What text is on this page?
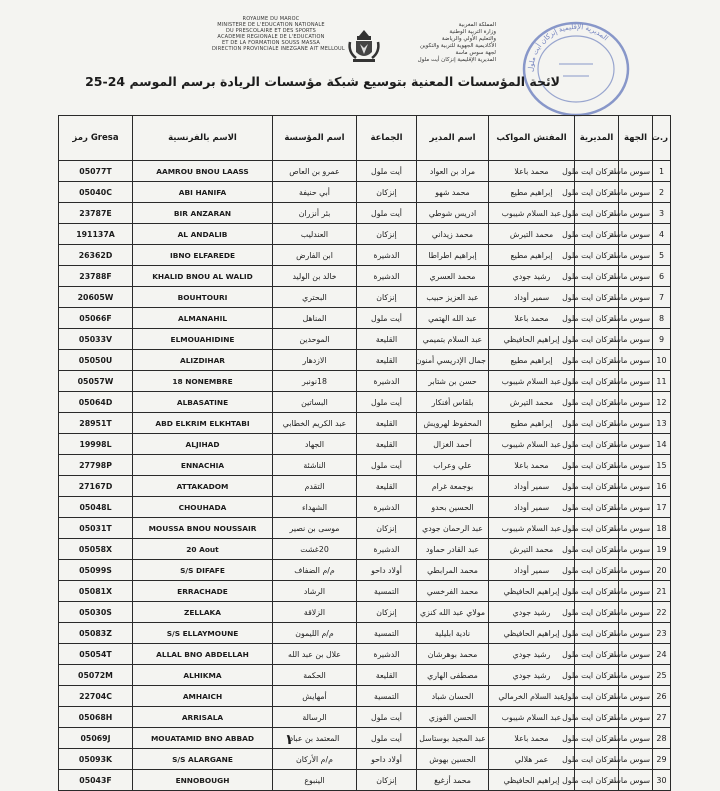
ROYAUME DU MAROC
MINISTERE DE L'EDUCATION NATIONALE
DU PRESCOLAIRE ET DES SPORTS
ACADEMIE REGIONALE DE L'EDUCATION
ET DE LA FORMATION SOUSS MASSA
DIRECTION PROVINCIALE INEZGANE AIT MELLOUL
المملكة المغربية
وزارة التربية الوطنية
والتعليم الأولي والرياضة
الأكاديمية الجهوية للتربية والتكوين
لجهة سوس ماسة
المديرية الإقليمية إنزكان أيت ملول
المديرية الإقليمية إنزكان أيت ملول
لائحة المؤسسات المعنية بتوسيع شبكة مؤسسات الريادة برسم الموسم 24-25
رمز Gresa	الاسم بالفرنسية	اسم المؤسسة	الجماعة	اسم المدير	المفتش المواكب	المديرية	الجهة	ر.ت
05077T	AAMROU BNOU LAASS	عمرو بن العاص	أيت ملول	مراد بن العواد	محمد باعلا	انزكان ايت ملول	سوس ماسة	1
05040C	ABI HANIFA	أبي حنيفة	إنزكان	محمد شهو	إبراهيم مطيع	انزكان ايت ملول	سوس ماسة	2
23787E	BIR ANZARAN	بئر أنزران	أيت ملول	ادريس شوطي	عبد السلام شيبوب	انزكان ايت ملول	سوس ماسة	3
191137A	AL ANDALIB	العندليب	إنزكان	محمد زيداني	محمد التيرش	انزكان ايت ملول	سوس ماسة	4
26362D	IBNO ELFAREDE	ابن الفارض	الدشيرة	إبراهيم اطراطا	إبراهيم مطيع	انزكان ايت ملول	سوس ماسة	5
23788F	KHALID BNOU AL WALID	خالد بن الوليد	الدشيرة	محمد العسري	رشيد جودي	انزكان ايت ملول	سوس ماسة	6
20605W	BOUHTOURI	البحتري	إنزكان	عبد العزيز حبيب	سمير أوداد	انزكان ايت ملول	سوس ماسة	7
05066F	ALMANAHIL	المناهل	أيت ملول	عبد الله الهتمي	محمد باعلا	انزكان ايت ملول	سوس ماسة	8
05033V	ELMOUAHIDINE	الموحدين	القليعة	عبد السلام بتميمي	إبراهيم الحافيظي	انزكان ايت ملول	سوس ماسة	9
05050U	ALIZDIHAR	الازدهار	القليعة	جمال الإدريسي أمنون	إبراهيم مطيع	انزكان ايت ملول	سوس ماسة	10
05057W	18 NONEMBRE	18نونبر	الدشيرة	حسن بن شتابر	عبد السلام شيبوب	انزكان ايت ملول	سوس ماسة	11
05064D	ALBASATINE	البساتين	أيت ملول	بلقاس أفنكار	محمد التيرش	انزكان ايت ملول	سوس ماسة	12
28951T	ABD ELKRIM ELKHTABI	عبد الكريم الخطابي	القليعة	المحفوظ لهرويش	إبراهيم مطيع	انزكان ايت ملول	سوس ماسة	13
19998L	ALJIHAD	الجهاد	القليعة	أحمد الغزال	عبد السلام شيبوب	انزكان ايت ملول	سوس ماسة	14
27798P	ENNACHIA	الناشئة	أيت ملول	علي وعراب	محمد باعلا	انزكان ايت ملول	سوس ماسة	15
27167D	ATTAKADOM	التقدم	القليعة	بوجمعة غرام	سمير أوداد	انزكان ايت ملول	سوس ماسة	16
05048L	CHOUHADA	الشهداء	الدشيرة	الحسين بحدو	سمير أوداد	انزكان ايت ملول	سوس ماسة	17
05031T	MOUSSA BNOU NOUSSAIR	موسى بن نصير	إنزكان	عبد الرحمان جودي	عبد السلام شيبوب	انزكان ايت ملول	سوس ماسة	18
05058X	20 Aout	20غشت	الدشيرة	عبد القادر حماود	محمد التيرش	انزكان ايت ملول	سوس ماسة	19
05099S	S/S DIFAFE	م/م الضفاف	أولاد داحو	محمد المرابطي	سمير أوداد	انزكان ايت ملول	سوس ماسة	20
05081X	ERRACHADE	الرشاد	التمسية	محمد الفرخسي	إبراهيم الحافيظي	انزكان ايت ملول	سوس ماسة	21
05030S	ZELLAKA	الزلاقة	إنزكان	مولاي عبد الله كنزي	رشيد جودي	انزكان ايت ملول	سوس ماسة	22
05083Z	S/S ELLAYMOUNE	م/م الليمون	التمسية	نادية ابليلية	إبراهيم الحافيظي	انزكان ايت ملول	سوس ماسة	23
05054T	ALLAL BNO ABDELLAH	علال بن عبد الله	الدشيرة	محمد بوهرشان	رشيد جودي	انزكان ايت ملول	سوس ماسة	24
05072M	ALHIKMA	الحكمة	القليعة	مصطفى الهاري	رشيد جودي	انزكان ايت ملول	سوس ماسة	25
22704C	AMHAICH	أمهايش	التمسية	الحسان شباد	عبد السلام الخرمالي	انزكان ايت ملول	سوس ماسة	26
05068H	ARRISALA	الرسالة	أيت ملول	الحسن الفوزي	عبد السلام شيبوب	انزكان ايت ملول	سوس ماسة	27
05069J	MOUATAMID BNO ABBAD	المعتمد بن عباد	أيت ملول	عبد المجيد بوستاسل	محمد باعلا	انزكان ايت ملول	سوس ماسة	28
05093K	S/S ALARGANE	م/م الأركان	أولاد داحو	الحسين بهوش	عمر هلالي	انزكان ايت ملول	سوس ماسة	29
05043F	ENNOBOUGH	الينبوع	إنزكان	محمد أزغيغ	إبراهيم الحافيظي	انزكان ايت ملول	سوس ماسة	30
١
